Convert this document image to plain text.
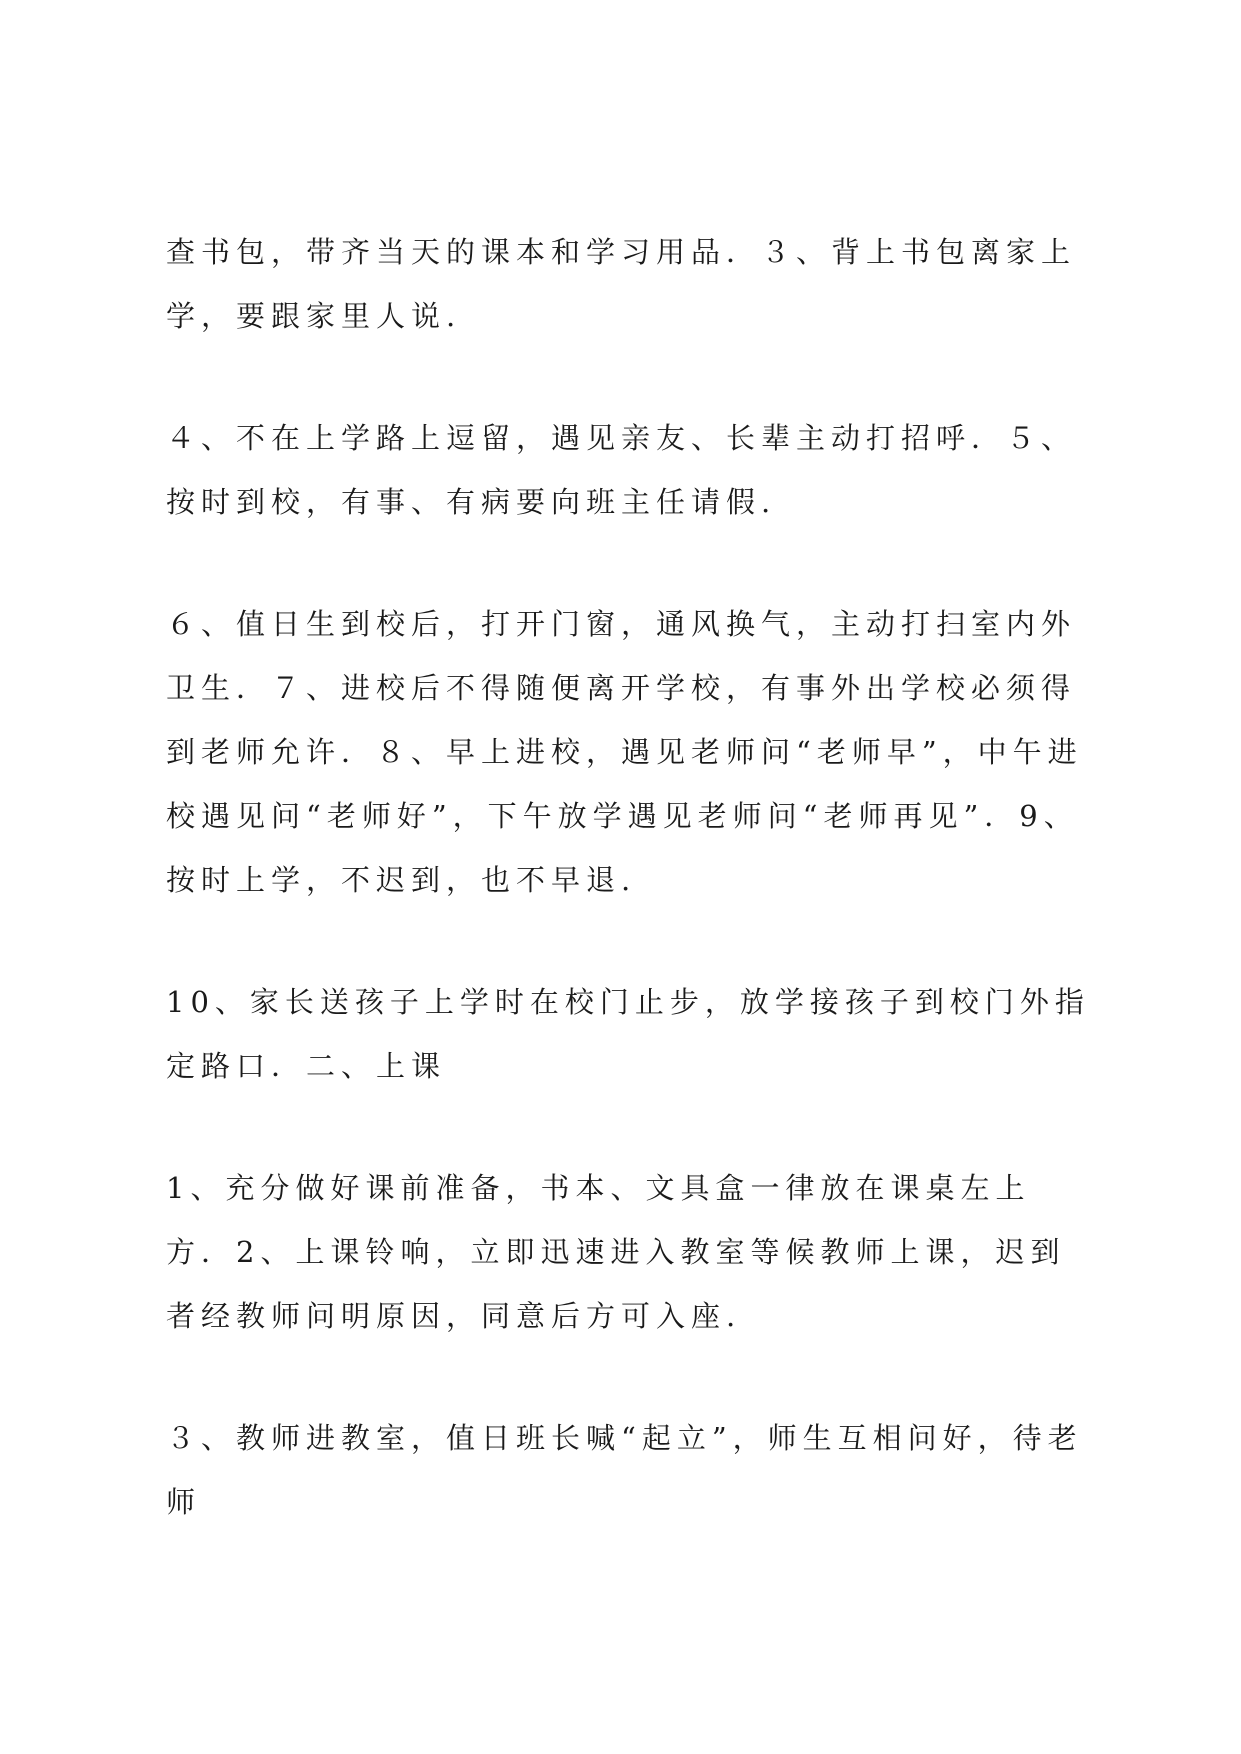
查书包，带齐当天的课本和学习用品．３、背上书包离家上学，要跟家里人说.

４、不在上学路上逗留，遇见亲友、长辈主动打招呼．５、按时到校，有事、有病要向班主任请假.

６、值日生到校后，打开门窗，通风换气，主动打扫室内外卫生．７、进校后不得随便离开学校，有事外出学校必须得到老师允许．８、早上进校，遇见老师问“老师早”，中午进校遇见问“老师好”，下午放学遇见老师问“老师再见”．9、按时上学，不迟到，也不早退.

10、家长送孩子上学时在校门止步，放学接孩子到校门外指定路口．二、上课

1、充分做好课前准备，书本、文具盒一律放在课桌左上方．2、上课铃响，立即迅速进入教室等候教师上课，迟到者经教师问明原因，同意后方可入座.

３、教师进教室，值日班长喊“起立”，师生互相问好，待老师
